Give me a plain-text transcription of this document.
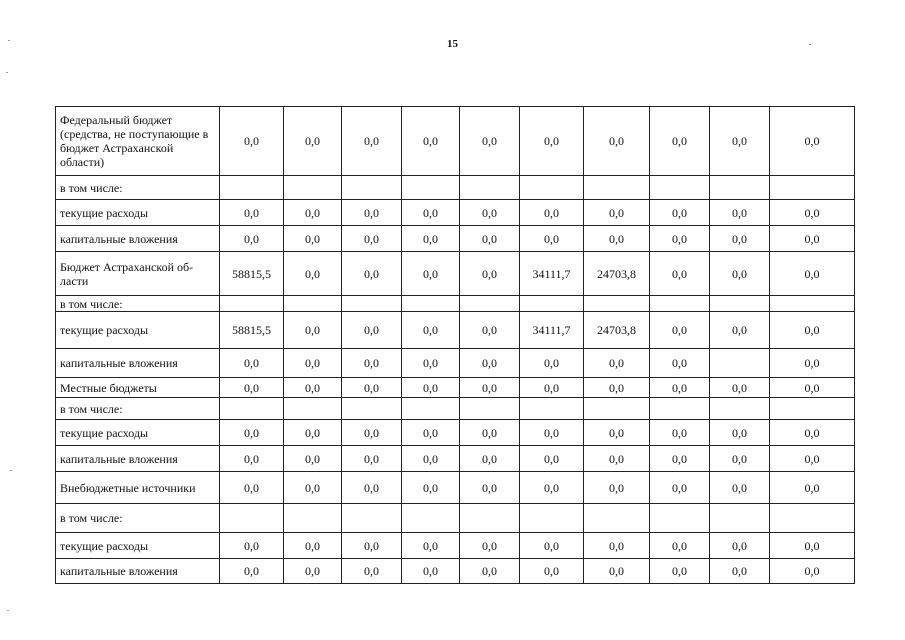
15
Федеральный бюджет (средства, не поступающие в бюджет Астраханской области)	0,0	0,0	0,0	0,0	0,0	0,0	0,0	0,0	0,0	0,0
в том числе:										
текущие расходы	0,0	0,0	0,0	0,0	0,0	0,0	0,0	0,0	0,0	0,0
капитальные вложения	0,0	0,0	0,0	0,0	0,0	0,0	0,0	0,0	0,0	0,0
Бюджет Астраханской об-ласти	58815,5	0,0	0,0	0,0	0,0	34111,7	24703,8	0,0	0,0	0,0
в том числе:										
текущие расходы	58815,5	0,0	0,0	0,0	0,0	34111,7	24703,8	0,0	0,0	0,0
капитальные вложения	0,0	0,0	0,0	0,0	0,0	0,0	0,0	0,0		0,0
Местные бюджеты	0,0	0,0	0,0	0,0	0,0	0,0	0,0	0,0	0,0	0,0
в том числе:										
текущие расходы	0,0	0,0	0,0	0,0	0,0	0,0	0,0	0,0	0,0	0,0
капитальные вложения	0,0	0,0	0,0	0,0	0,0	0,0	0,0	0,0	0,0	0,0
Внебюджетные источники	0,0	0,0	0,0	0,0	0,0	0,0	0,0	0,0	0,0	0,0
в том числе:										
текущие расходы	0,0	0,0	0,0	0,0	0,0	0,0	0,0	0,0	0,0	0,0
капитальные вложения	0,0	0,0	0,0	0,0	0,0	0,0	0,0	0,0	0,0	0,0
